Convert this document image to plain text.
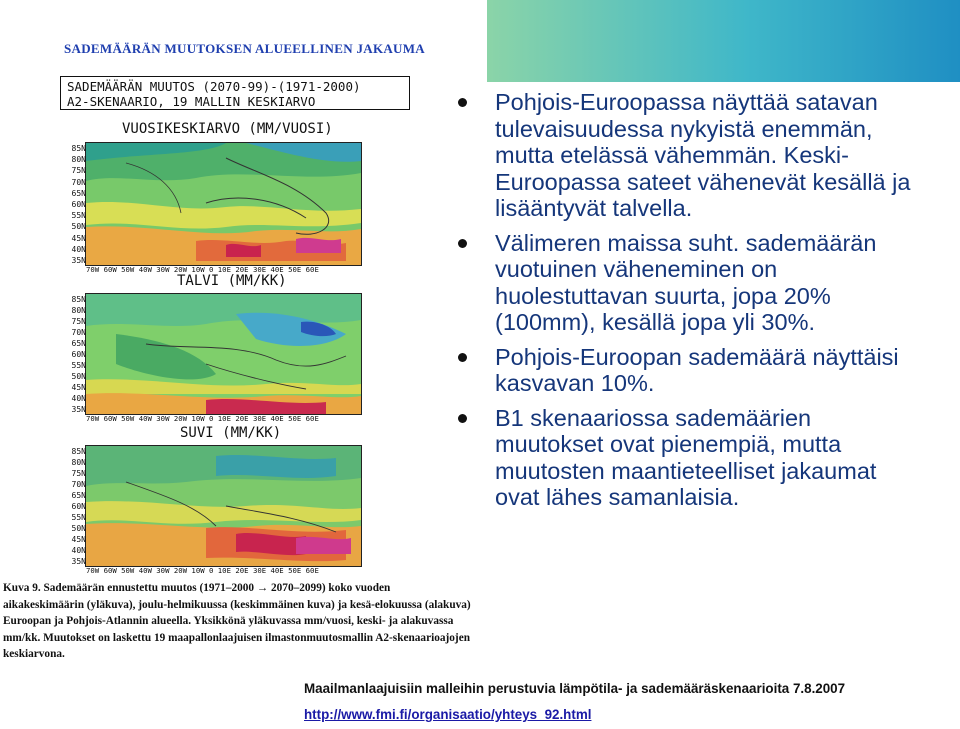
SADEMÄÄRÄN MUUTOKSEN ALUEELLINEN JAKAUMA
SADEMÄÄRÄN MUUTOS (2070-99)-(1971-2000)
A2-SKENAARIO, 19 MALLIN KESKIARVO
VUOSIKESKIARVO (MM/VUOSI)
TALVI (MM/KK)
SUVI (MM/KK)
Kuva 9. Sademäärän ennustettu muutos (1971–2000 → 2070–2099) koko vuoden aikakeskimäärin (yläkuva), joulu-helmikuussa (keskimmäinen kuva) ja kesä-elokuussa (alakuva) Euroopan ja Pohjois-Atlannin alueella. Yksikkönä yläkuvassa mm/vuosi, keski- ja alakuvassa mm/kk. Muutokset on laskettu 19 maapallonlaajuisen ilmastonmuutosmallin A2-skenaarioajojen keskiarvona.
Pohjois-Euroopassa näyttää satavan tulevaisuudessa nykyistä enemmän, mutta etelässä vähemmän. Keski-Euroopassa sateet vähenevät kesällä ja lisääntyvät talvella.
Välimeren maissa suht. sademäärän vuotuinen väheneminen on huolestuttavan suurta, jopa 20% (100mm), kesällä jopa yli 30%.
Pohjois-Euroopan sademäärä näyttäisi kasvavan 10%.
B1 skenaariossa sademäärien muutokset ovat pienempiä, mutta muutosten maantieteelliset jakaumat ovat lähes samanlaisia.
Maailmanlaajuisiin malleihin perustuvia lämpötila- ja sademääräskenaarioita 7.8.2007
http://www.fmi.fi/organisaatio/yhteys_92.html
85N
80N
75N
70N
65N
60N
55N
50N
45N
40N
35N
70W 60W 50W 40W 30W 20W 10W 0 10E 20E 30E 40E 50E 60E
85N
80N
75N
70N
65N
60N
55N
50N
45N
40N
35N
70W 60W 50W 40W 30W 20W 10W 0 10E 20E 30E 40E 50E 60E
85N
80N
75N
70N
65N
60N
55N
50N
45N
40N
35N
70W 60W 50W 40W 30W 20W 10W 0 10E 20E 30E 40E 50E 60E
